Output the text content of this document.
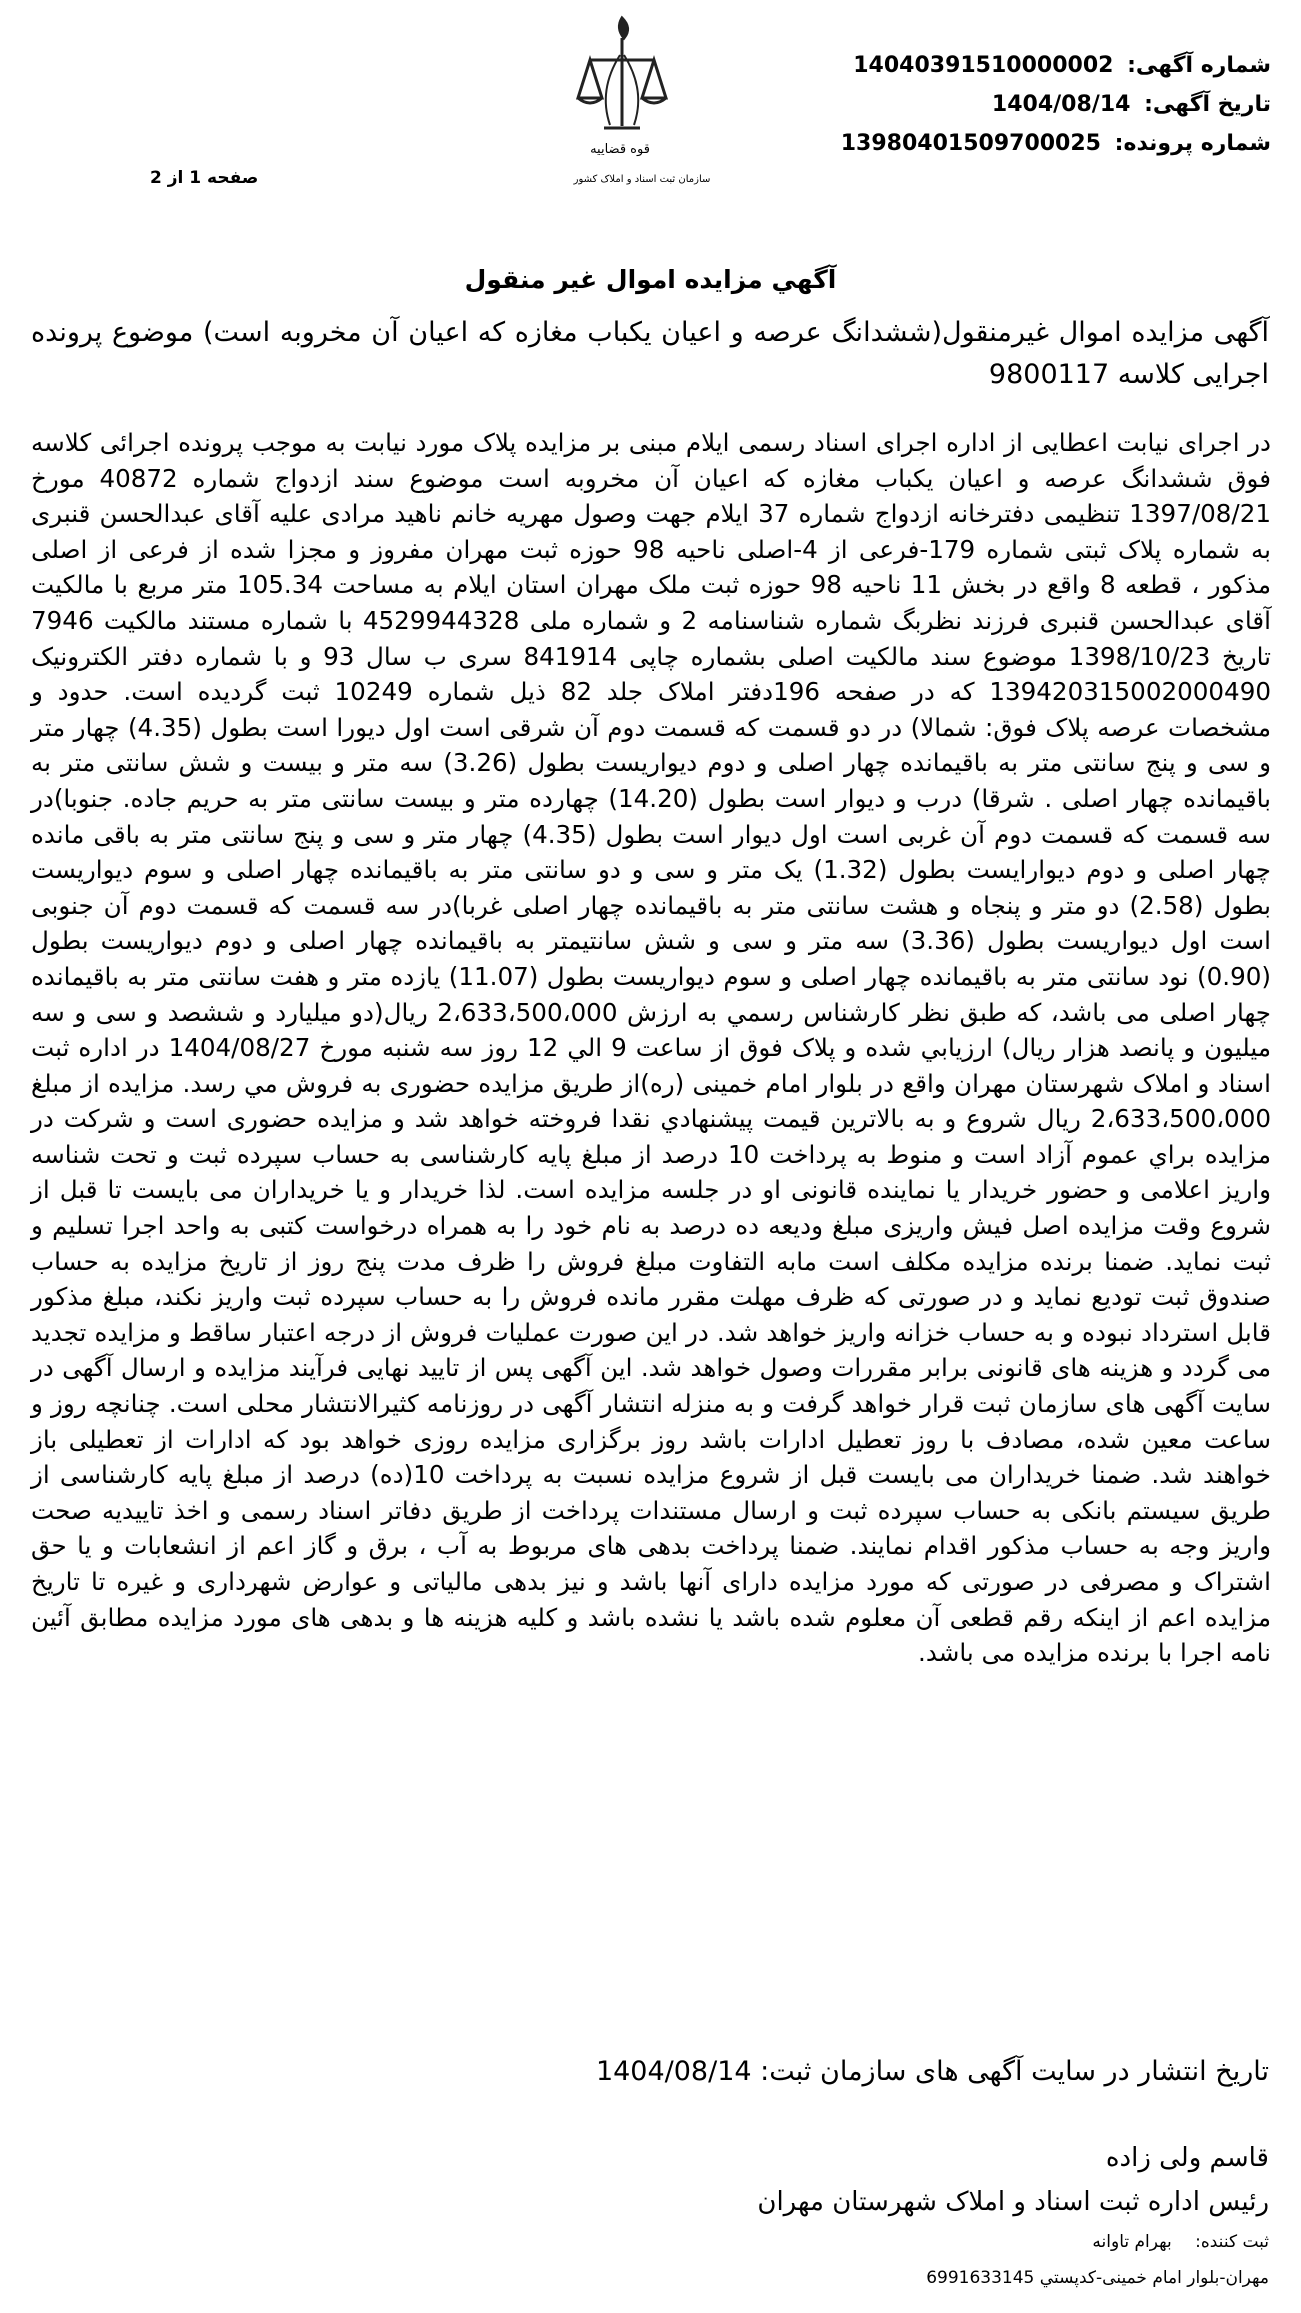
شماره آگهی: 14040391510000002
تاریخ آگهی: 1404/08/14
شماره پرونده: 13980401509700025
قوه قضاییه
سازمان ثبت اسناد و املاک کشور
صفحه 1 از 2
آگهي مزايده اموال غير منقول
آگهی مزایده اموال غیرمنقول(ششدانگ عرصه و اعیان یکباب مغازه که اعیان آن مخروبه است) موضوع پرونده اجرایی کلاسه 9800117
در اجرای نیابت اعطایی از اداره اجرای اسناد رسمی ایلام مبنی بر مزایده پلاک مورد نیابت به موجب پرونده اجرائی کلاسه فوق ششدانگ عرصه و اعیان یکباب مغازه که اعیان آن مخروبه است موضوع سند ازدواج شماره 40872 مورخ 1397/08/21 تنظیمی دفترخانه ازدواج شماره 37 ایلام جهت وصول مهریه خانم ناهید مرادی علیه آقای عبدالحسن قنبری به شماره پلاک ثبتی شماره 179-فرعی از 4-اصلی ناحیه 98 حوزه ثبت مهران مفروز و مجزا شده از فرعی از اصلی مذکور ، قطعه 8 واقع در بخش 11 ناحیه 98 حوزه ثبت ملک مهران استان ایلام به مساحت 105.34 متر مربع با مالکیت آقای عبدالحسن قنبری فرزند نظربگ شماره شناسنامه 2 و شماره ملی 4529944328 با شماره مستند مالکیت 7946 تاریخ 1398/10/23 موضوع سند مالکیت اصلی بشماره چاپی 841914 سری ب سال 93 و با شماره دفتر الکترونیک 139420315002000490 که در صفحه 196دفتر املاک جلد 82 ذیل شماره 10249 ثبت گردیده است. حدود و مشخصات عرصه پلاک فوق: شمالا) در دو قسمت که قسمت دوم آن شرقی است اول دیورا است بطول (4.35) چهار متر و سی و پنج سانتی متر به باقیمانده چهار اصلی و دوم دیواریست بطول (3.26) سه متر و بیست و شش سانتی متر به باقیمانده چهار اصلی . شرقا) درب و دیوار است بطول (14.20) چهارده متر و بیست سانتی متر به حریم جاده. جنوبا)در سه قسمت که قسمت دوم آن غربی است اول دیوار است بطول (4.35) چهار متر و سی و پنج سانتی متر به باقی مانده چهار اصلی و دوم دیوارایست بطول (1.32) یک متر و سی و دو سانتی متر به باقیمانده چهار اصلی و سوم دیواریست بطول (2.58) دو متر و پنجاه و هشت سانتی متر به باقیمانده چهار اصلی غربا)در سه قسمت که قسمت دوم آن جنوبی است اول دیواریست بطول (3.36) سه متر و سی و شش سانتیمتر به باقیمانده چهار اصلی و دوم دیواریست بطول (0.90) نود سانتی متر به باقیمانده چهار اصلی و سوم دیواریست بطول (11.07) یازده متر و هفت سانتی متر به باقیمانده چهار اصلی می باشد، که طبق نظر کارشناس رسمي به ارزش 2،633،500،000 ريال(دو میلیارد و ششصد و سی و سه میلیون و پانصد هزار ریال) ارزيابي شده و پلاک فوق از ساعت 9 الي 12 روز سه شنبه مورخ 1404/08/27 در اداره ثبت اسناد و املاک شهرستان مهران واقع در بلوار امام خمینی (ره)از طریق مزایده حضوری به فروش مي رسد. مزايده از مبلغ 2،633،500،000 ریال شروع و به بالاترين قيمت پيشنهادي نقدا فروخته خواهد شد و مزايده حضوری است و شرکت در مزايده براي عموم آزاد است و منوط به پرداخت 10 درصد از مبلغ پايه كارشناسی به حساب سپرده ثبت و تحت شناسه واريز اعلامی و حضور خریدار یا نماینده قانونی او در جلسه مزایده است. لذا خریدار و یا خریداران می بایست تا قبل از شروع وقت مزایده اصل فیش واریزی مبلغ ودیعه ده درصد به نام خود را به همراه درخواست کتبی به واحد اجرا تسلیم و ثبت نماید. ضمنا برنده مزایده مکلف است مابه التفاوت مبلغ فروش را ظرف مدت پنج روز از تاریخ مزایده به حساب صندوق ثبت تودیع نماید و در صورتی که ظرف مهلت مقرر مانده فروش را به حساب سپرده ثبت واریز نکند، مبلغ مذکور قابل استرداد نبوده و به حساب خزانه واریز خواهد شد. در این صورت عملیات فروش از درجه اعتبار ساقط و مزایده تجدید می گردد و هزینه های قانونی برابر مقررات وصول خواهد شد. این آگهی پس از تایید نهایی فرآیند مزایده و ارسال آگهی در سایت آگهی های سازمان ثبت قرار خواهد گرفت و به منزله انتشار آگهی در روزنامه کثیرالانتشار محلی است. چنانچه روز و ساعت معین شده، مصادف با روز تعطیل ادارات باشد روز برگزاری مزایده روزی خواهد بود که ادارات از تعطیلی باز خواهند شد. ضمنا خریداران می بایست قبل از شروع مزایده نسبت به پرداخت 10(ده) درصد از مبلغ پایه کارشناسی از طریق سیستم بانکی به حساب سپرده ثبت و ارسال مستندات پرداخت از طریق دفاتر اسناد رسمی و اخذ تاییدیه صحت واریز وجه به حساب مذکور اقدام نمایند. ضمنا پرداخت بدهی های مربوط به آب ، برق و گاز اعم از انشعابات و یا حق اشتراک و مصرفی در صورتی که مورد مزایده دارای آنها باشد و نیز بدهی مالیاتی و عوارض شهرداری و غیره تا تاریخ مزایده اعم از اینکه رقم قطعی آن معلوم شده باشد یا نشده باشد و کلیه هزینه ها و بدهی های مورد مزایده مطابق آئین نامه اجرا با برنده مزایده می باشد.
تاریخ انتشار در سایت آگهی های سازمان ثبت: 1404/08/14
قاسم ولی زاده
رئیس اداره ثبت اسناد و املاک شهرستان مهران
ثبت کننده: بهرام تاوانه
مهران-بلوار امام خمینی-کدپستي 6991633145
